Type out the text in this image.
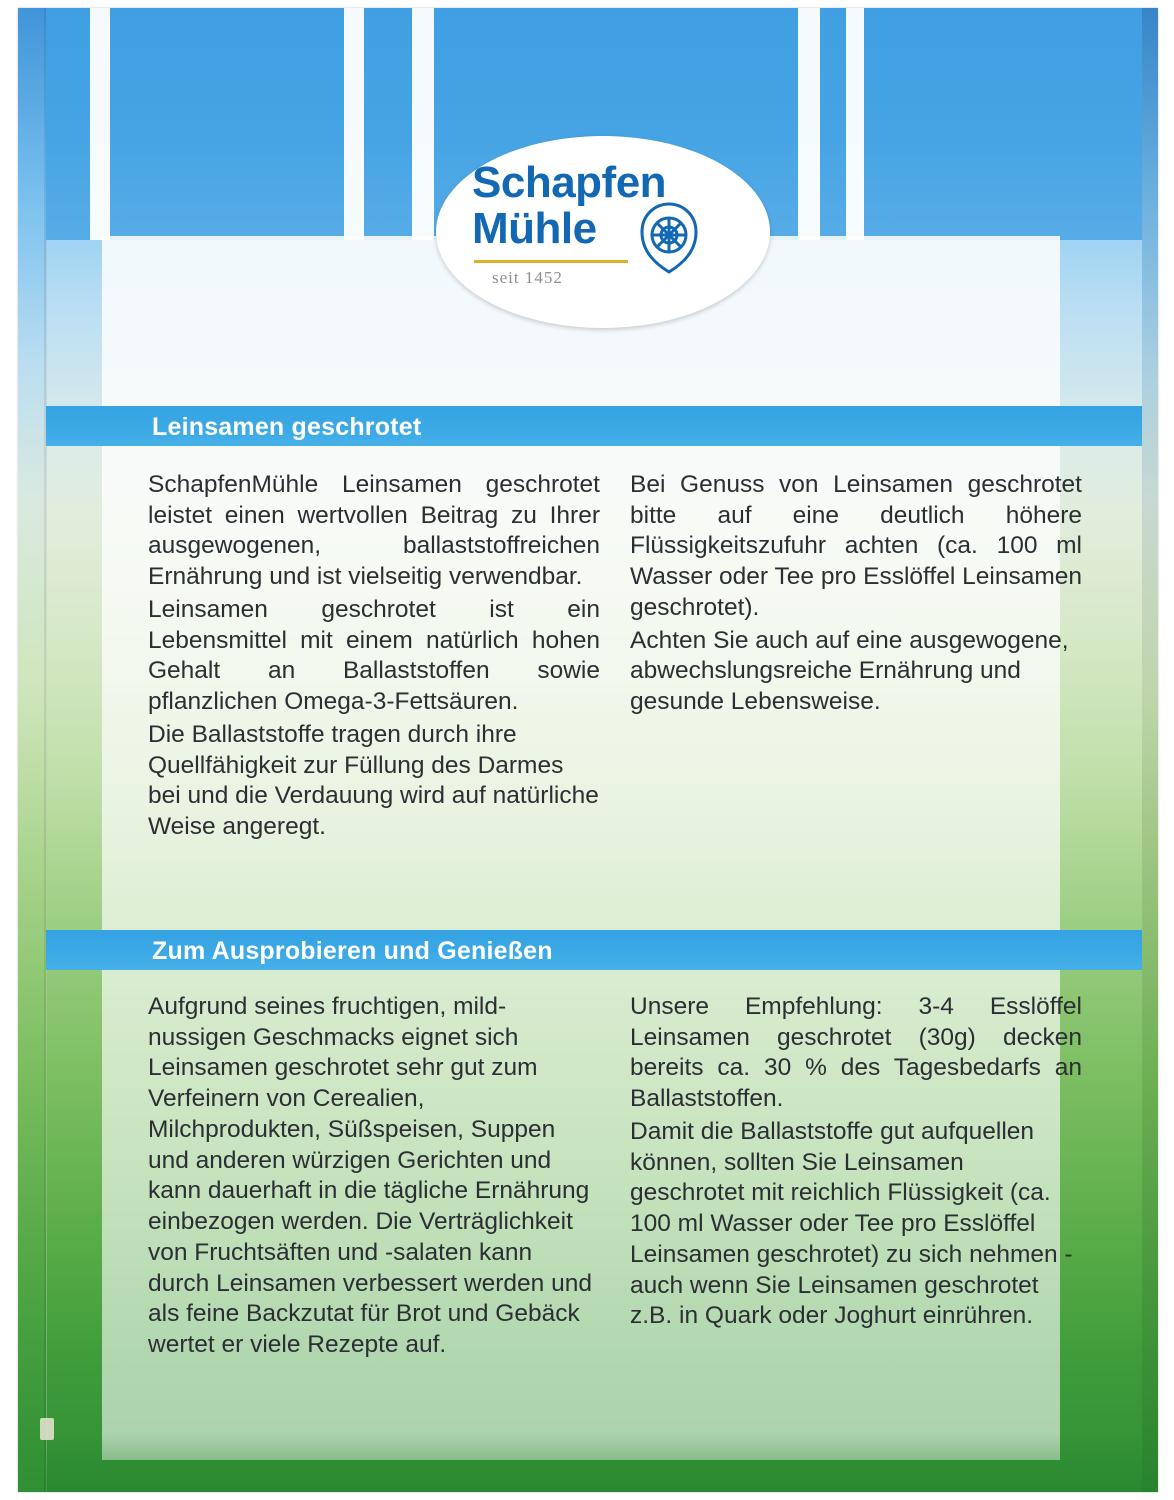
Schapfen
Mühle
seit 1452
Leinsamen geschrotet

SchapfenMühle Leinsamen geschrotet leistet einen wertvollen Beitrag zu Ihrer ausgewogenen, ballaststoffreichen Ernährung und ist vielseitig verwendbar.

Leinsamen geschrotet ist ein Lebensmittel mit einem natürlich hohen Gehalt an Ballaststoffen sowie pflanzlichen Omega-3-Fettsäuren.

Die Ballaststoffe tragen durch ihre Quellfähigkeit zur Füllung des Darmes bei und die Verdauung wird auf natürliche Weise angeregt.

Bei Genuss von Leinsamen geschrotet bitte auf eine deutlich höhere Flüssigkeitszufuhr achten (ca. 100 ml Wasser oder Tee pro Esslöffel Leinsamen geschrotet).

Achten Sie auch auf eine ausgewogene, abwechslungsreiche Ernährung und gesunde Lebensweise.

Zum Ausprobieren und Genießen

Aufgrund seines fruchtigen, mild-nussigen Geschmacks eignet sich Leinsamen geschrotet sehr gut zum Verfeinern von Cerealien, Milchprodukten, Süßspeisen, Suppen und anderen würzigen Gerichten und kann dauerhaft in die tägliche Ernährung einbezogen werden. Die Verträglichkeit von Fruchtsäften und -salaten kann durch Leinsamen verbessert werden und als feine Backzutat für Brot und Gebäck wertet er viele Rezepte auf.

Unsere Empfehlung: 3-4 Esslöffel Leinsamen geschrotet (30g) decken bereits ca. 30 % des Tagesbedarfs an Ballaststoffen.

Damit die Ballaststoffe gut aufquellen können, sollten Sie Leinsamen geschrotet mit reichlich Flüssigkeit (ca. 100 ml Wasser oder Tee pro Esslöffel Leinsamen geschrotet) zu sich nehmen - auch wenn Sie Leinsamen geschrotet z.B. in Quark oder Joghurt einrühren.
